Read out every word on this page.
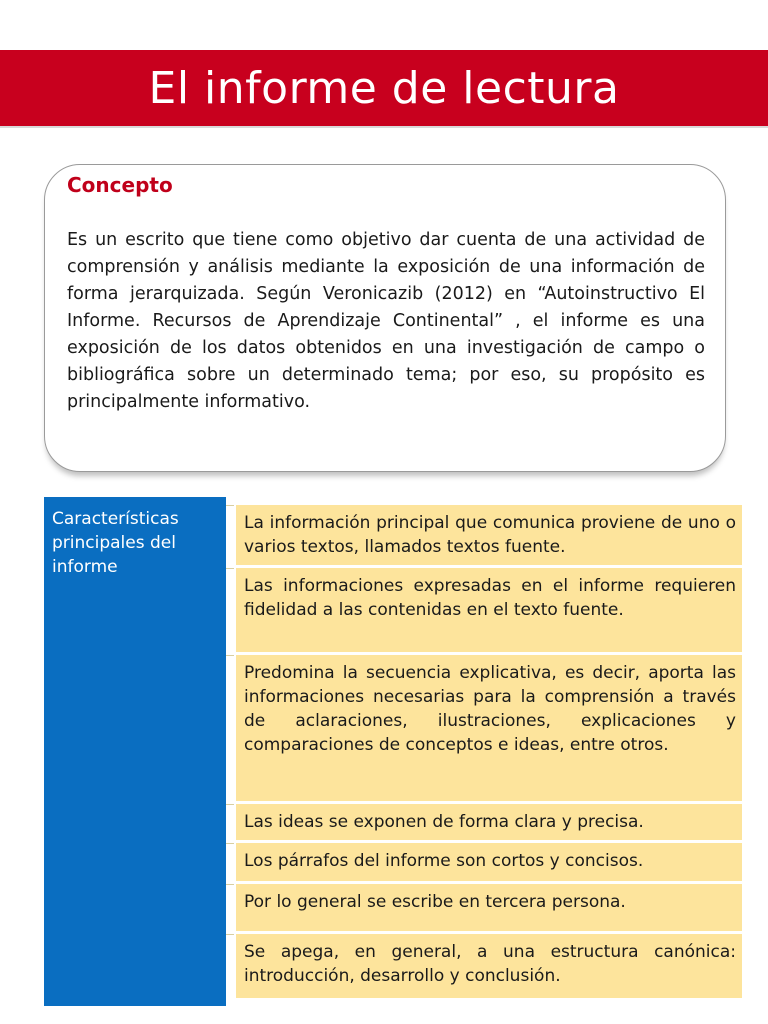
El informe de lectura
Concepto

Es un escrito que tiene como objetivo dar cuenta de una actividad de comprensión y análisis mediante la exposición de una información de forma jerarquizada. Según Veronicazib (2012) en “Autoinstructivo El Informe. Recursos de Aprendizaje Continental” , el informe es una exposición de los datos obtenidos en una investigación de campo o bibliográfica sobre un determinado tema; por eso, su propósito es principalmente informativo.

Características principales del informe
La información principal que comunica proviene de uno o varios textos, llamados textos fuente.
Las informaciones expresadas en el informe requieren fidelidad a las contenidas en el texto fuente.
Predomina la secuencia explicativa, es decir, aporta las informaciones necesarias para la comprensión a través de aclaraciones, ilustraciones, explicaciones y comparaciones de conceptos e ideas, entre otros.
Las ideas se exponen de forma clara y precisa.
Los párrafos del informe son cortos y concisos.
Por lo general se escribe en tercera persona.
Se apega, en general, a una estructura canónica: introducción, desarrollo y conclusión.
